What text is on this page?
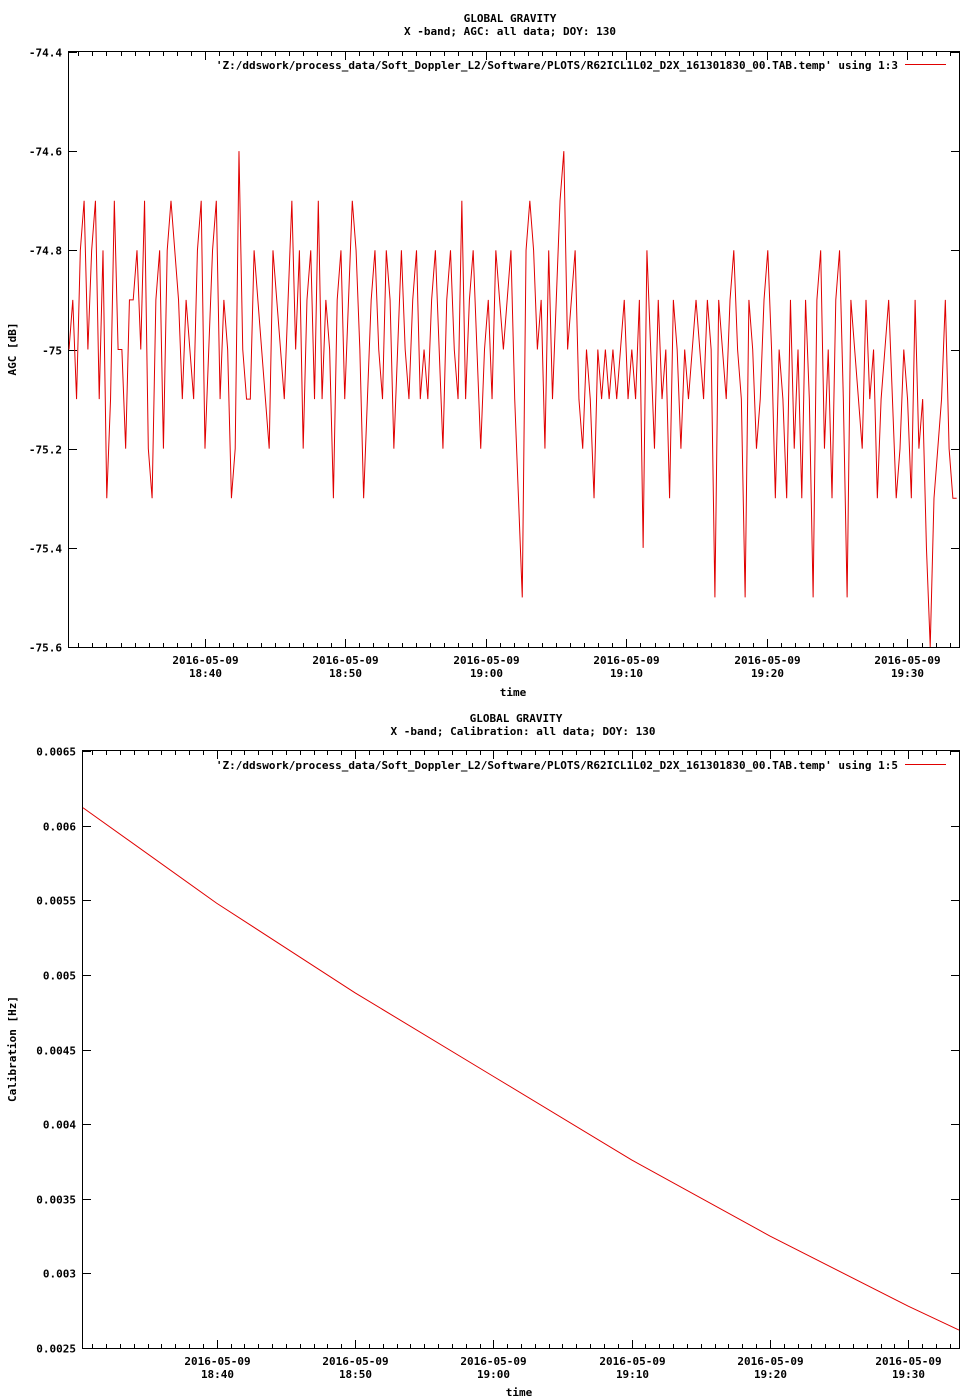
GLOBAL GRAVITY
X -band; AGC: all data; DOY: 130
-74.4
-74.6
-74.8
-75
-75.2
-75.4
-75.6
2016-05-09
18:40
2016-05-09
18:50
2016-05-09
19:00
2016-05-09
19:10
2016-05-09
19:20
2016-05-09
19:30
AGC [dB]
time
'Z:/ddswork/process_data/Soft_Doppler_L2/Software/PLOTS/R62ICL1L02_D2X_161301830_00.TAB.temp' using 1:3
GLOBAL GRAVITY
X -band; Calibration: all data; DOY: 130
0.0065
0.006
0.0055
0.005
0.0045
0.004
0.0035
0.003
0.0025
2016-05-09
18:40
2016-05-09
18:50
2016-05-09
19:00
2016-05-09
19:10
2016-05-09
19:20
2016-05-09
19:30
Calibration [Hz]
time
'Z:/ddswork/process_data/Soft_Doppler_L2/Software/PLOTS/R62ICL1L02_D2X_161301830_00.TAB.temp' using 1:5
